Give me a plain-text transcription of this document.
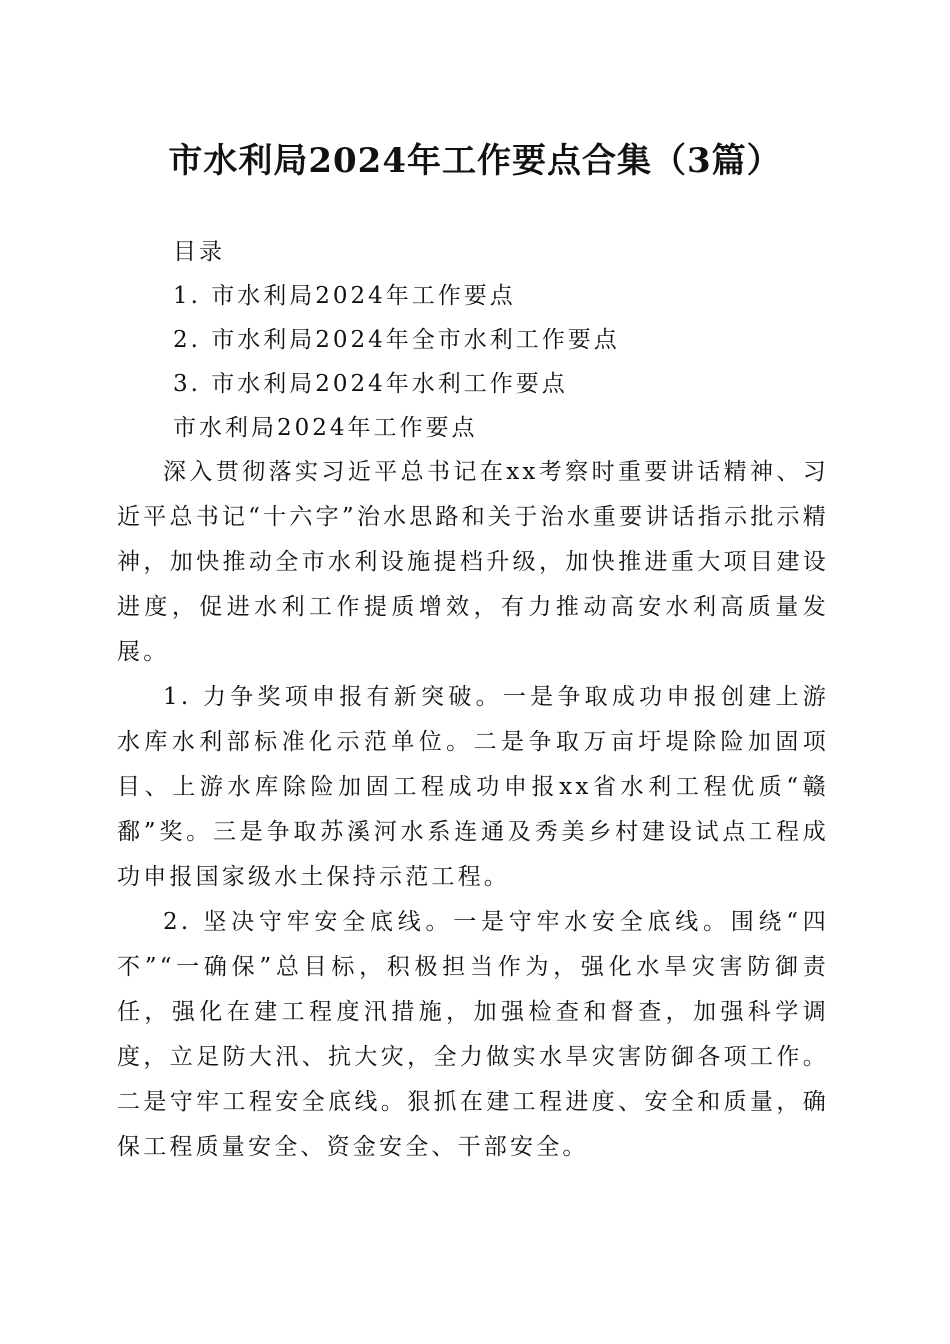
市水利局2024年工作要点合集（3篇）
目录
1. 市水利局2024年工作要点
2. 市水利局2024年全市水利工作要点
3. 市水利局2024年水利工作要点
市水利局2024年工作要点

深入贯彻落实习近平总书记在xx考察时重要讲话精神、习近平总书记“十六字”治水思路和关于治水重要讲话指示批示精神，加快推动全市水利设施提档升级，加快推进重大项目建设进度，促进水利工作提质增效，有力推动高安水利高质量发展。

1. 力争奖项申报有新突破。一是争取成功申报创建上游水库水利部标准化示范单位。二是争取万亩圩堤除险加固项目、上游水库除险加固工程成功申报xx省水利工程优质“赣鄱”奖。三是争取苏溪河水系连通及秀美乡村建设试点工程成功申报国家级水土保持示范工程。

2. 坚决守牢安全底线。一是守牢水安全底线。围绕“四不”“一确保”总目标，积极担当作为，强化水旱灾害防御责任，强化在建工程度汛措施，加强检查和督查，加强科学调度，立足防大汛、抗大灾，全力做实水旱灾害防御各项工作。二是守牢工程安全底线。狠抓在建工程进度、安全和质量，确保工程质量安全、资金安全、干部安全。
